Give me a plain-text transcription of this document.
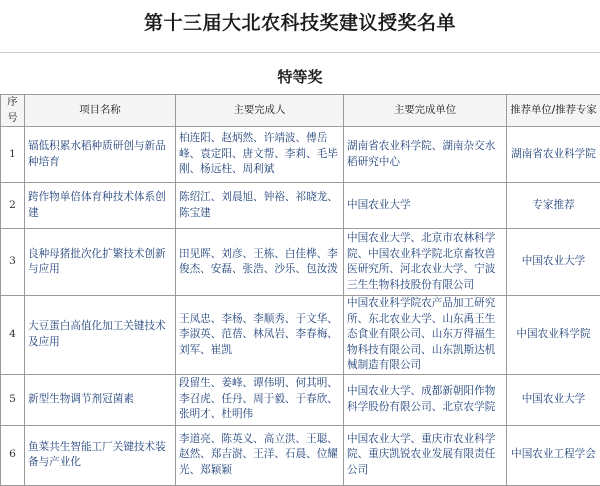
第十三届大北农科技奖建议授奖名单
特等奖
序号	项目名称	主要完成人	主要完成单位	推荐单位/推荐专家
1	镉低积累水稻种质研创与新品种培育	柏连阳、赵炳然、许靖波、傅岳峰、袁定阳、唐文帮、李莉、毛毕刚、杨远柱、周利斌	湖南省农业科学院、湖南杂交水稻研究中心	湖南省农业科学院
2	跨作物单倍体育种技术体系创建	陈绍江、刘晨旭、钟裕、祁晓龙、陈宝建	中国农业大学	专家推荐
3	良种母猪批次化扩繁技术创新与应用	田见晖、刘彦、王栋、白佳桦、李俊杰、安磊、张浩、沙乐、包汝泼	中国农业大学、北京市农林科学院、中国农业科学院北京畜牧兽医研究所、河北农业大学、宁波三生生物科技股份有限公司	中国农业大学
4	大豆蛋白高值化加工关键技术及应用	王凤忠、李杨、李顺秀、于文华、李淑英、范蓓、林凤岩、李春梅、刘军、崔凯	中国农业科学院农产品加工研究所、东北农业大学、山东禹王生态食业有限公司、山东万得福生物科技有限公司、山东凯斯达机械制造有限公司	中国农业科学院
5	新型生物调节剂冠菌素	段留生、姜峰、谭伟明、何其明、李召虎、任丹、周于毅、于春欣、张明才、杜明伟	中国农业大学、成都新朝阳作物科学股份有限公司、北京农学院	中国农业大学
6	鱼菜共生智能工厂关键技术装备与产业化	李道亮、陈英义、高立洪、王聪、赵然、郑吉澍、王洋、石晨、位耀光、郑颖颖	中国农业大学、重庆市农业科学院、重庆凯锐农业发展有限责任公司	中国农业工程学会
